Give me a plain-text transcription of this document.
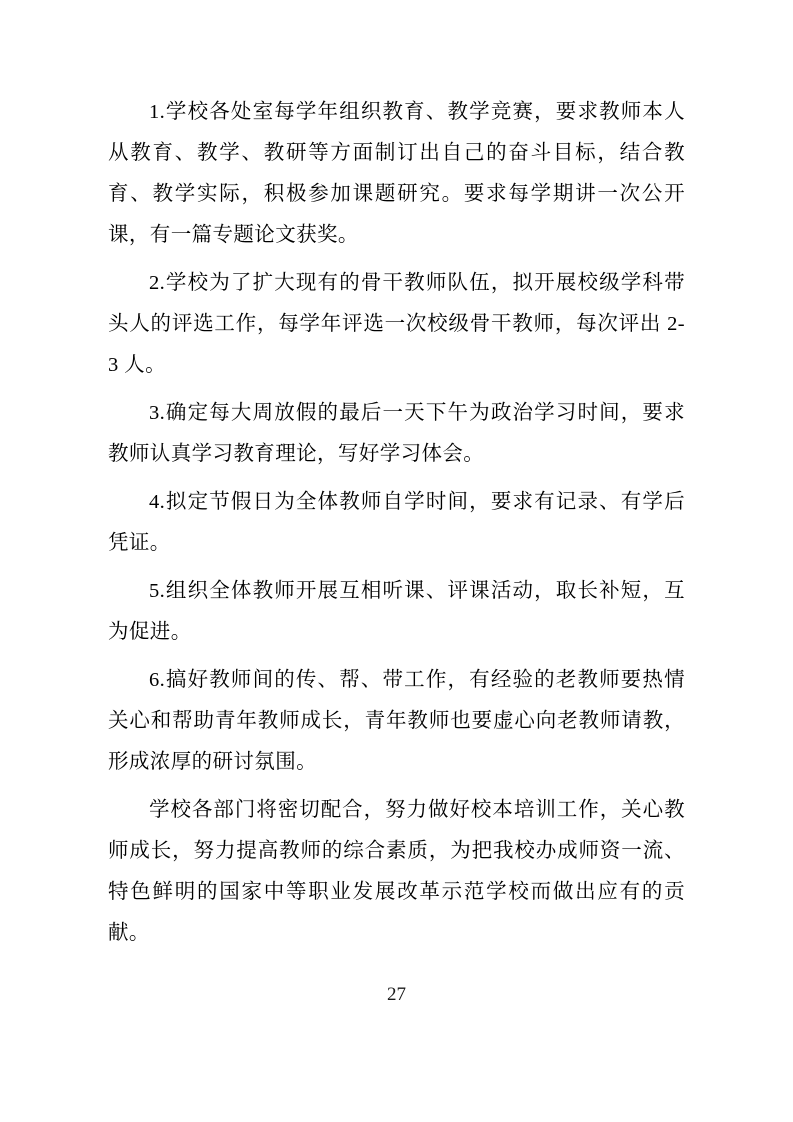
1.学校各处室每学年组织教育、教学竞赛，要求教师本人从教育、教学、教研等方面制订出自己的奋斗目标，结合教育、教学实际，积极参加课题研究。要求每学期讲一次公开课，有一篇专题论文获奖。

2.学校为了扩大现有的骨干教师队伍，拟开展校级学科带头人的评选工作，每学年评选一次校级骨干教师，每次评出 2-3 人。

3.确定每大周放假的最后一天下午为政治学习时间，要求教师认真学习教育理论，写好学习体会。

4.拟定节假日为全体教师自学时间，要求有记录、有学后凭证。

5.组织全体教师开展互相听课、评课活动，取长补短，互为促进。

6.搞好教师间的传、帮、带工作，有经验的老教师要热情关心和帮助青年教师成长，青年教师也要虚心向老教师请教，形成浓厚的研讨氛围。

学校各部门将密切配合，努力做好校本培训工作，关心教师成长，努力提高教师的综合素质，为把我校办成师资一流、特色鲜明的国家中等职业发展改革示范学校而做出应有的贡献。

27
